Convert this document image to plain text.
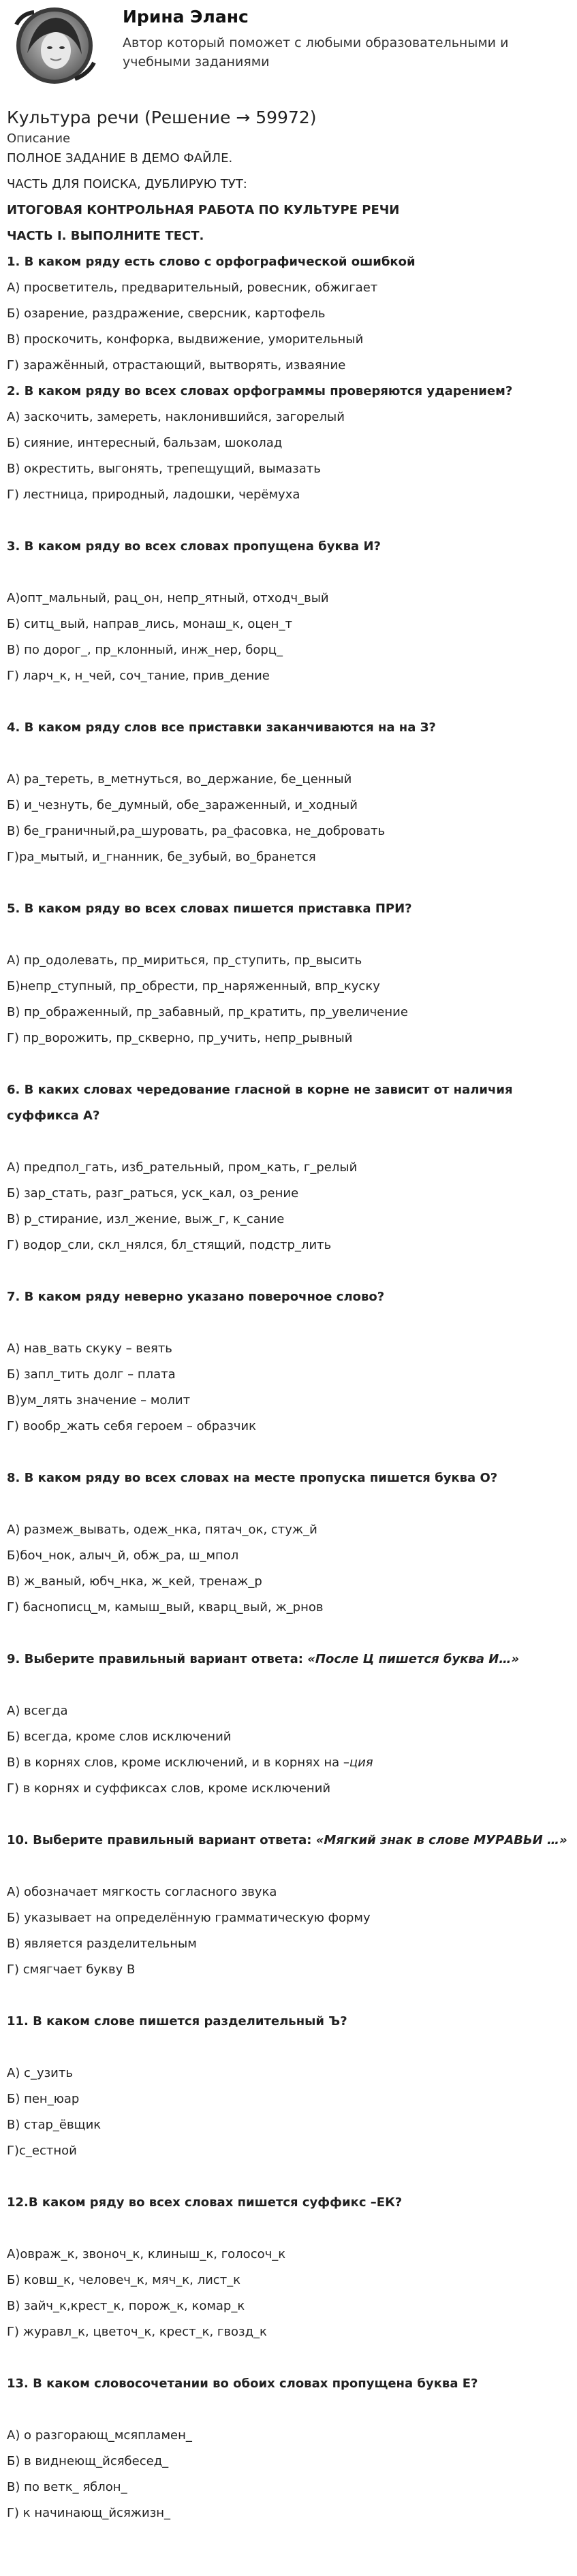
Ирина Эланс
Автор который поможет с любыми образовательными и учебными заданиями
Культура речи (Решение → 59972)
Описание
ПОЛНОЕ ЗАДАНИЕ В ДЕМО ФАЙЛЕ.
ЧАСТЬ ДЛЯ ПОИСКА, ДУБЛИРУЮ ТУТ:
ИТОГОВАЯ КОНТРОЛЬНАЯ РАБОТА ПО КУЛЬТУРЕ РЕЧИ
ЧАСТЬ I. ВЫПОЛНИТЕ ТЕСТ.
1. В каком ряду есть слово с орфографической ошибкой
А) просветитель, предварительный, ровесник, обжигает
Б) озарение, раздражение, сверсник, картофель
В) проскочить, конфорка, выдвижение, уморительный
Г) заражённый, отрастающий, вытворять, изваяние
2. В каком ряду во всех словах орфограммы проверяются ударением?
А) заскочить, замереть, наклонившийся, загорелый
Б) сияние, интересный, бальзам, шоколад
В) окрестить, выгонять, трепещущий, вымазать
Г) лестница, природный, ладошки, черёмуха
3. В каком ряду во всех словах пропущена буква И?
А)опт_мальный, рац_он, непр_ятный, отходч_вый
Б) ситц_вый, направ_лись, монаш_к, оцен_т
В) по дорог_, пр_клонный, инж_нер, борц_
Г) ларч_к, н_чей, соч_тание, прив_дение
4. В каком ряду слов все приставки заканчиваются на на З?
А) ра_тереть, в_метнуться, во_держание, бе_ценный
Б) и_чезнуть, бе_думный, обе_зараженный, и_ходный
В) бе_граничный,ра_шуровать, ра_фасовка, не_добровать
Г)ра_мытый, и_гнанник, бе_зубый, во_бранется
5. В каком ряду во всех словах пишется приставка ПРИ?
А) пр_одолевать, пр_мириться, пр_ступить, пр_высить
Б)непр_ступный, пр_обрести, пр_наряженный, впр_куску
В) пр_ображенный, пр_забавный, пр_кратить, пр_увеличение
Г) пр_ворожить, пр_скверно, пр_учить, непр_рывный
6. В каких словах чередование гласной в корне не зависит от наличия суффикса А?
А) предпол_гать, изб_рательный, пром_кать, г_релый
Б) зар_стать, разг_раться, уск_кал, оз_рение
В) р_стирание, изл_жение, выж_г, к_сание
Г) водор_сли, скл_нялся, бл_стящий, подстр_лить
7. В каком ряду неверно указано поверочное слово?
А) нав_вать скуку – веять
Б) запл_тить долг – плата
В)ум_лять значение – молит
Г) вообр_жать себя героем – образчик
8. В каком ряду во всех словах на месте пропуска пишется буква О?
А) размеж_вывать, одеж_нка, пятач_ок, стуж_й
Б)боч_нок, алыч_й, обж_ра, ш_мпол
В) ж_ваный, юбч_нка, ж_кей, тренаж_р
Г) баснописц_м, камыш_вый, кварц_вый, ж_рнов
9. Выберите правильный вариант ответа: «После Ц пишется буква И…»
А) всегда
Б) всегда, кроме слов исключений
В) в корнях слов, кроме исключений, и в корнях на –ция
Г) в корнях и суффиксах слов, кроме исключений
10. Выберите правильный вариант ответа: «Мягкий знак в слове МУРАВЬИ …»
А) обозначает мягкость согласного звука
Б) указывает на определённую грамматическую форму
В) является разделительным
Г) смягчает букву В
11. В каком слове пишется разделительный Ъ?
А) с_узить
Б) пен_юар
В) стар_ёвщик
Г)с_естной
12.В каком ряду во всех словах пишется суффикс –ЕК?
А)овраж_к, звоноч_к, клиныш_к, голосоч_к
Б) ковш_к, человеч_к, мяч_к, лист_к
В) зайч_к,крест_к, порож_к, комар_к
Г) журавл_к, цветоч_к, крест_к, гвозд_к
13. В каком словосочетании во обоих словах пропущена буква Е?
А) о разгорающ_мсяпламен_
Б) в виднеющ_йсябесед_
В) по ветк_ яблон_
Г) к начинающ_йсяжизн_
